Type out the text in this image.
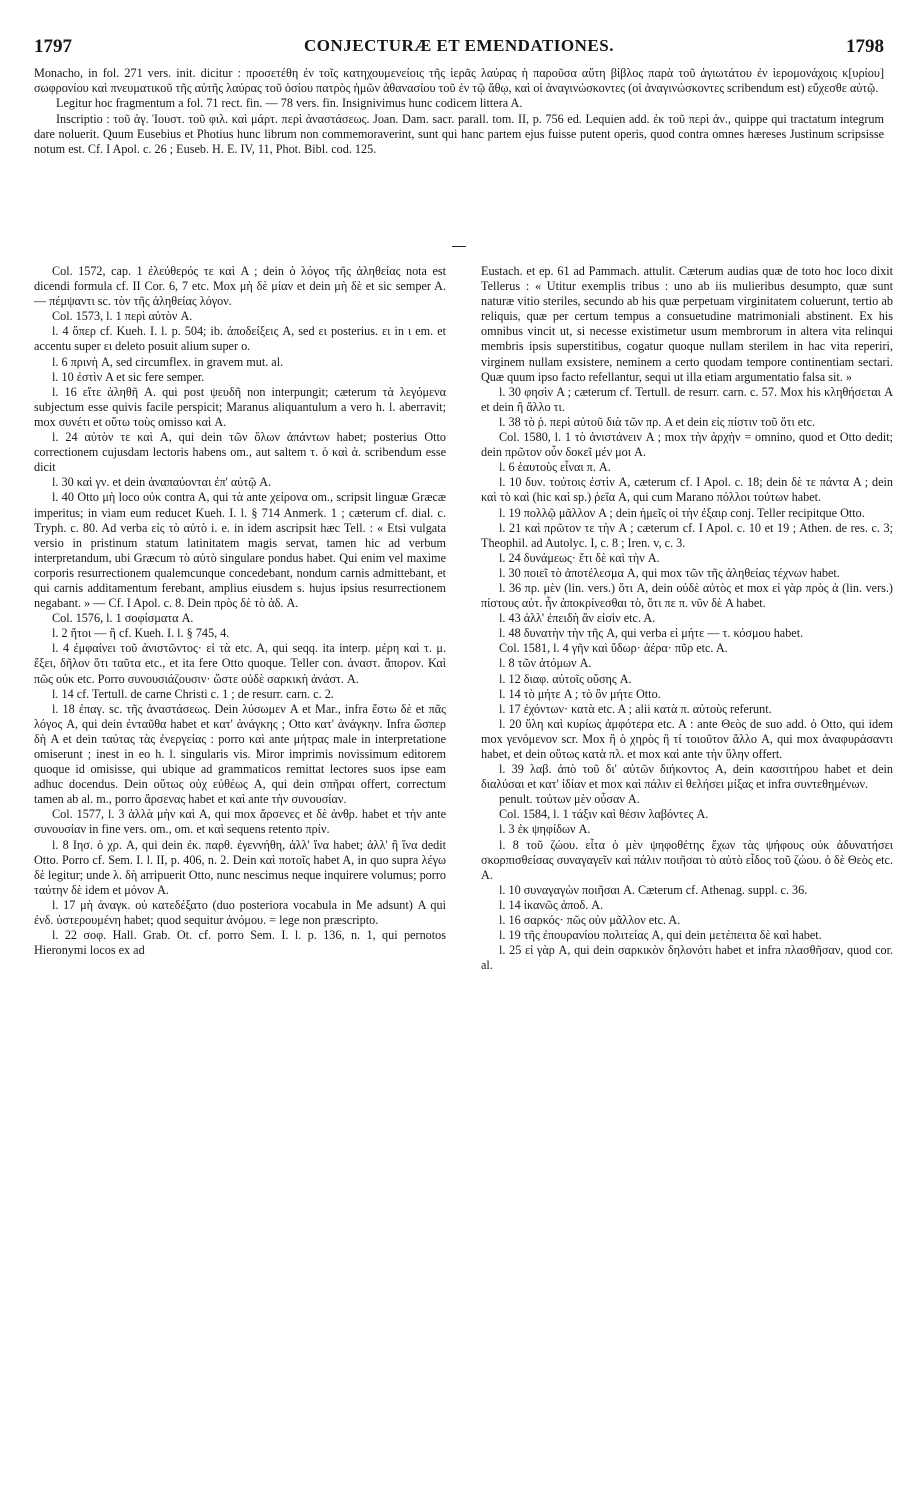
1797	CONJECTURÆ ET EMENDATIONES.	1798

Monacho, in fol. 271 vers. init. dicitur : προσετέθη ἐν τοῖς κατηχουμενείοις τῆς ἱερᾶς λαύρας ἡ παροῦσα αὕτη βίβλος παρὰ τοῦ ἁγιωτάτου ἐν ἱερομονάχοις κ[υρίου] σωφρονίου καὶ πνευματικοῦ τῆς αὐτῆς λαύρας τοῦ ὁσίου πατρὸς ἡμῶν ἀθανασίου τοῦ ἐν τῷ ἄθῳ, καὶ οἱ ἀναγινώσκοντες (οἱ ἀναγινώσκοντες scribendum est) εὔχεσθε αὐτῷ.

Legitur hoc fragmentum a fol. 71 rect. fin. — 78 vers. fin. Insignivimus hunc codicem littera A.

Inscriptio : τοῦ ἁγ. Ἰουστ. τοῦ φιλ. καὶ μάρτ. περὶ ἀναστάσεως. Joan. Dam. sacr. parall. tom. II, p. 756 ed. Lequien add. ἐκ τοῦ περὶ ἀν., quippe qui tractatum integrum dare noluerit. Quum Eusebius et Photius hunc librum non commemoraverint, sunt qui hanc partem ejus fuisse putent operis, quod contra omnes hæreses Justinum scripsisse notum est. Cf. I Apol. c. 26 ; Euseb. H. E. IV, 11, Phot. Bibl. cod. 125.

Col. 1572, cap. 1 ἐλεύθερός τε καὶ A ; dein ὁ λόγος τῆς ἀληθείας nota est dicendi formula cf. II Cor. 6, 7 etc. Mox μὴ δὲ μίαν et dein μὴ δὲ et sic semper A. — πέμψαντι sc. τὸν τῆς ἀληθείας λόγον.

Col. 1573, l. 1 περὶ αὐτὸν A.

l. 4 ὅπερ cf. Kueh. I. l. p. 504; ib. ἀποδείξεις A, sed ει posterius. ει in ι em. et accentu super ει deleto posuit alium super ο.

l. 6 πρινὴ A, sed circumflex. in gravem mut. al.

l. 10 ἐστὶν A et sic fere semper.

l. 16 εἴτε ἀληθῆ A. qui post ψευδῆ non interpungit; cæterum τὰ λεγόμενα subjectum esse quivis facile perspicit; Maranus aliquantulum a vero h. l. aberravit; mox συνέτι et οὕτω τοὺς omisso καὶ A.

l. 24 αὐτὸν τε καὶ A, qui dein τῶν ὅλων ἀπάντων habet; posterius Otto correctionem cujusdam lectoris habens om., aut saltem τ. ὁ καὶ ἀ. scribendum esse dicit

l. 30 καὶ γν. et dein ἀναπαύονται ἐπ' αὐτῷ A.

l. 40 Otto μὴ loco οὐκ contra A, qui τὰ ante χείρονα om., scripsit linguæ Græcæ imperitus; in viam eum reducet Kueh. I. l. § 714 Anmerk. 1 ; cæterum cf. dial. c. Tryph. c. 80. Ad verba εἰς τὸ αὐτὸ i. e. in idem ascripsit hæc Tell. : « Etsi vulgata versio in pristinum statum latinitatem magis servat, tamen hic ad verbum interpretandum, ubi Græcum τὸ αὐτὸ singulare pondus habet. Qui enim vel maxime corporis resurrectionem qualemcunque concedebant, nondum carnis admittebant, et qui carnis additamentum ferebant, amplius eiusdem s. hujus ipsius resurrectionem negabant. » — Cf. I Apol. c. 8. Dein πρὸς δὲ τὸ ἀδ. A.

Col. 1576, l. 1 σοφίσματα A.

l. 2 ἤτοι — ἢ cf. Kueh. I. l. § 745, 4.

l. 4 ἐμφαίνει τοῦ ἀνιστῶντος· εἰ τὰ etc. A, qui seqq. ita interp. μέρη καὶ τ. μ. ἕξει, δῆλον ὅτι ταῦτα etc., et ita fere Otto quoque. Teller con. ἀναστ. ἄπορον. Καὶ πῶς οὐκ etc. Porro συνουσιάζουσιν· ὥστε οὐδὲ σαρκικὴ ἀνάστ. A.

l. 14 cf. Tertull. de carne Christi c. 1 ; de resurr. carn. c. 2.

l. 18 ἐπαγ. sc. τῆς ἀναστάσεως. Dein λύσωμεν A et Mar., infra ἔστω δὲ et πᾶς λόγος A, qui dein ἐνταῦθα habet et κατ' ἀνάγκης ; Otto κατ' ἀνάγκην. Infra ὥσπερ δὴ A et dein ταύτας τὰς ἐνεργείας : porro καὶ ante μήτρας male in interpretatione omiserunt ; inest in eo h. l. singularis vis. Miror imprimis novissimum editorem quoque id omisisse, qui ubique ad grammaticos remittat lectores suos ipse eam adhuc docendus. Dein οὕτως οὐχ εὐθέως A, qui dein σπῆραι offert, correctum tamen ab al. m., porro ἄρσενας habet et καὶ ante τὴν συνουσίαν.

Col. 1577, l. 3 ἀλλὰ μὴν καὶ A, qui mox ἄρσενες et δὲ ἀνθρ. habet et τὴν ante συνουσίαν in fine vers. om., om. et καὶ sequens retento πρίν.

l. 8 Ιησ. ὁ χρ. A, qui dein ἐκ. παρθ. ἐγεννήθη, ἀλλ' ἵνα habet; ἀλλ' ἢ ἵνα dedit Otto. Porro cf. Sem. I. l. II, p. 406, n. 2. Dein καὶ ποτοῖς habet A, in quo supra λέγω δὲ legitur; unde λ. δὴ arripuerit Otto, nunc nescimus neque inquirere volumus; porro ταύτην δὲ idem et μόνον A.

l. 17 μὴ ἀναγκ. οὐ κατεδέξατο (duo posteriora vocabula in Me adsunt) A qui ἐνδ. ὑστερουμένη habet; quod sequitur ἀνόμου. = lege non præscripto.

l. 22 σοφ. Hall. Grab. Ot. cf. porro Sem. I. l. p. 136, n. 1, qui pernotos Hieronymi locos ex ad

Eustach. et ep. 61 ad Pammach. attulit. Cæterum audias quæ de toto hoc loco dixit Tellerus : « Utitur exemplis tribus : uno ab iis mulieribus desumpto, quæ sunt naturæ vitio steriles, secundo ab his quæ perpetuam virginitatem coluerunt, tertio ab reliquis, quæ per certum tempus a consuetudine matrimoniali abstinent. Ex his omnibus vincit ut, si necesse existimetur usum membrorum in altera vita relinqui membris ipsis superstitibus, cogatur quoque nullam sterilem in hac vita reperiri, virginem nullam exsistere, neminem a certo quodam tempore continentiam sectari. Quæ quum ipso facto refellantur, sequi ut illa etiam argumentatio falsa sit. »

l. 30 φησὶν A ; cæterum cf. Tertull. de resurr. carn. c. 57. Mox his κληθήσεται A et dein ἢ ἄλλο τι.

l. 38 τὸ ῥ. περὶ αὐτοῦ διὰ τῶν πρ. A et dein εἰς πίστιν τοῦ ὅτι etc.

Col. 1580, l. 1 τὸ ἀνιστάνειν A ; mox τὴν ἀρχὴν = omnino, quod et Otto dedit; dein πρῶτον οὖν δοκεῖ μέν μοι A.

l. 6 ἑαυτοὺς εἶναι π. A.

l. 10 δυν. τούτοις ἐστὶν A, cæterum cf. I Apol. c. 18; dein δὲ τε πάντα A ; dein καὶ τὸ καὶ (hic καὶ sp.) ῥεῖα A, qui cum Marano πόλλοι τούτων habet.

l. 19 πολλῷ μᾶλλον A ; dein ἡμεῖς οἱ τὴν ἐξαιρ conj. Teller recipitque Otto.

l. 21 καὶ πρῶτον τε τὴν A ; cæterum cf. I Apol. c. 10 et 19 ; Athen. de res. c. 3; Theophil. ad Autolyc. I, c. 8 ; Iren. v, c. 3.

l. 24 δυνάμεως· ἔτι δὲ καὶ τὴν A.

l. 30 ποιεῖ τὸ ἀποτέλεσμα A, qui mox τῶν τῆς ἀληθείας τέχνων habet.

l. 36 πρ. μὲν (lin. vers.) ὅτι A, dein οὐδὲ αὐτὸς et mox εἰ γὰρ πρὸς ἀ (lin. vers.) πίστους αὐτ. ἦν ἀποκρίνεσθαι τὸ, ὅτι πε π. νῦν δὲ A habet.

l. 43 ἀλλ' ἐπειδὴ ἂν εἰσὶν etc. A.

l. 48 δυνατὴν τὴν τῆς A, qui verba εἰ μήτε — τ. κόσμου habet.

Col. 1581, l. 4 γῆν καὶ ὕδωρ· ἀέρα· πῦρ etc. A.

l. 8 τῶν ἀτόμων A.

l. 12 διαφ. αὐτοῖς οὔσης A.

l. 14 τὸ μήτε A ; τὸ ὂν μήτε Otto.

l. 17 ἐχόντων· κατὰ etc. A ; alii κατὰ π. αὐτοὺς referunt.

l. 20 ὕλη καὶ κυρίως ἀμφότερα etc. A : ante Θεὸς de suo add. ὁ Otto, qui idem mox γενόμενον scr. Mox ἢ ὁ χηρὸς ἢ τί τοιοῦτον ἄλλο A, qui mox ἀναφυράσαντι habet, et dein οὕτως κατὰ πλ. et mox καὶ ante τὴν ὕλην offert.

l. 39 λαβ. ἀπὸ τοῦ δι' αὐτῶν διήκοντος A, dein κασσιτήρου habet et dein διαλύσαι et κατ' ἰδίαν et mox καὶ πάλιν εἰ θελήσει μίξας et infra συντεθημένων.

penult. τούτων μὲν οὖσαν A.

Col. 1584, l. 1 τάξιν καὶ θέσιν λαβόντες A.

l. 3 ἐκ ψηφίδων A.

l. 8 τοῦ ζώου. εἶτα ὁ μὲν ψηφοθέτης ἔχων τὰς ψήφους οὐκ ἀδυνατήσει σκορπισθείσας συναγαγεῖν καὶ πάλιν ποιῆσαι τὸ αὐτὸ εἶδος τοῦ ζώου. ὁ δὲ Θεὸς etc. A.

l. 10 συναγαγὼν ποιῆσαι A. Cæterum cf. Athenag. suppl. c. 36.

l. 14 ἱκανῶς ἀποδ. A.

l. 16 σαρκός· πῶς οὐν μᾶλλον etc. A.

l. 19 τῆς ἐπουρανίου πολιτείας A, qui dein μετέπειτα δὲ καὶ habet.

l. 25 εἰ γὰρ A, qui dein σαρκικὸν δηλονότι habet et infra πλασθῆσαν, quod cor. al.
